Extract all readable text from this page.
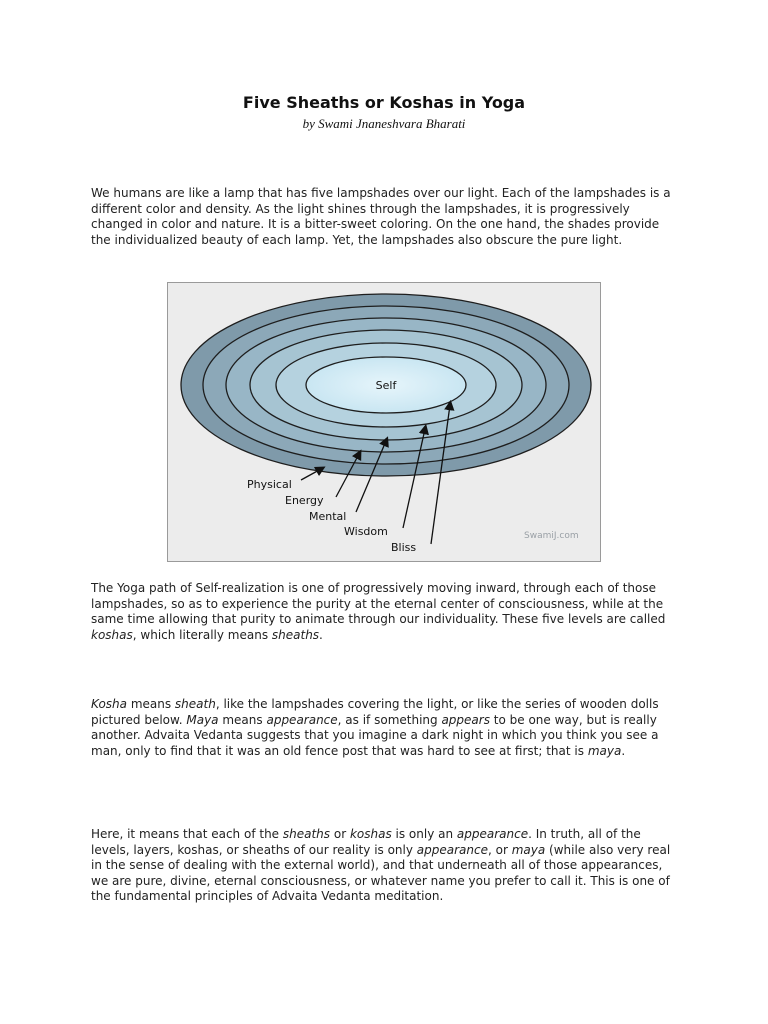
Five Sheaths or Koshas in Yoga
by Swami Jnaneshvara Bharati

We humans are like a lamp that has five lampshades over our light. Each of the lampshades is a different color and density. As the light shines through the lampshades, it is progressively changed in color and nature. It is a bitter-sweet coloring. On the one hand, the shades provide the individualized beauty of each lamp. Yet, the lampshades also obscure the pure light.

Self
Physical
Energy
Mental
Wisdom
Bliss
SwamiJ.com

The Yoga path of Self-realization is one of progressively moving inward, through each of those lampshades, so as to experience the purity at the eternal center of consciousness, while at the same time allowing that purity to animate through our individuality. These five levels are called koshas, which literally means sheaths.

Kosha means sheath, like the lampshades covering the light, or like the series of wooden dolls pictured below. Maya means appearance, as if something appears to be one way, but is really another. Advaita Vedanta suggests that you imagine a dark night in which you think you see a man, only to find that it was an old fence post that was hard to see at first; that is maya.

Here, it means that each of the sheaths or koshas is only an appearance. In truth, all of the levels, layers, koshas, or sheaths of our reality is only appearance, or maya (while also very real in the sense of dealing with the external world), and that underneath all of those appearances, we are pure, divine, eternal consciousness, or whatever name you prefer to call it. This is one of the fundamental principles of Advaita Vedanta meditation.
